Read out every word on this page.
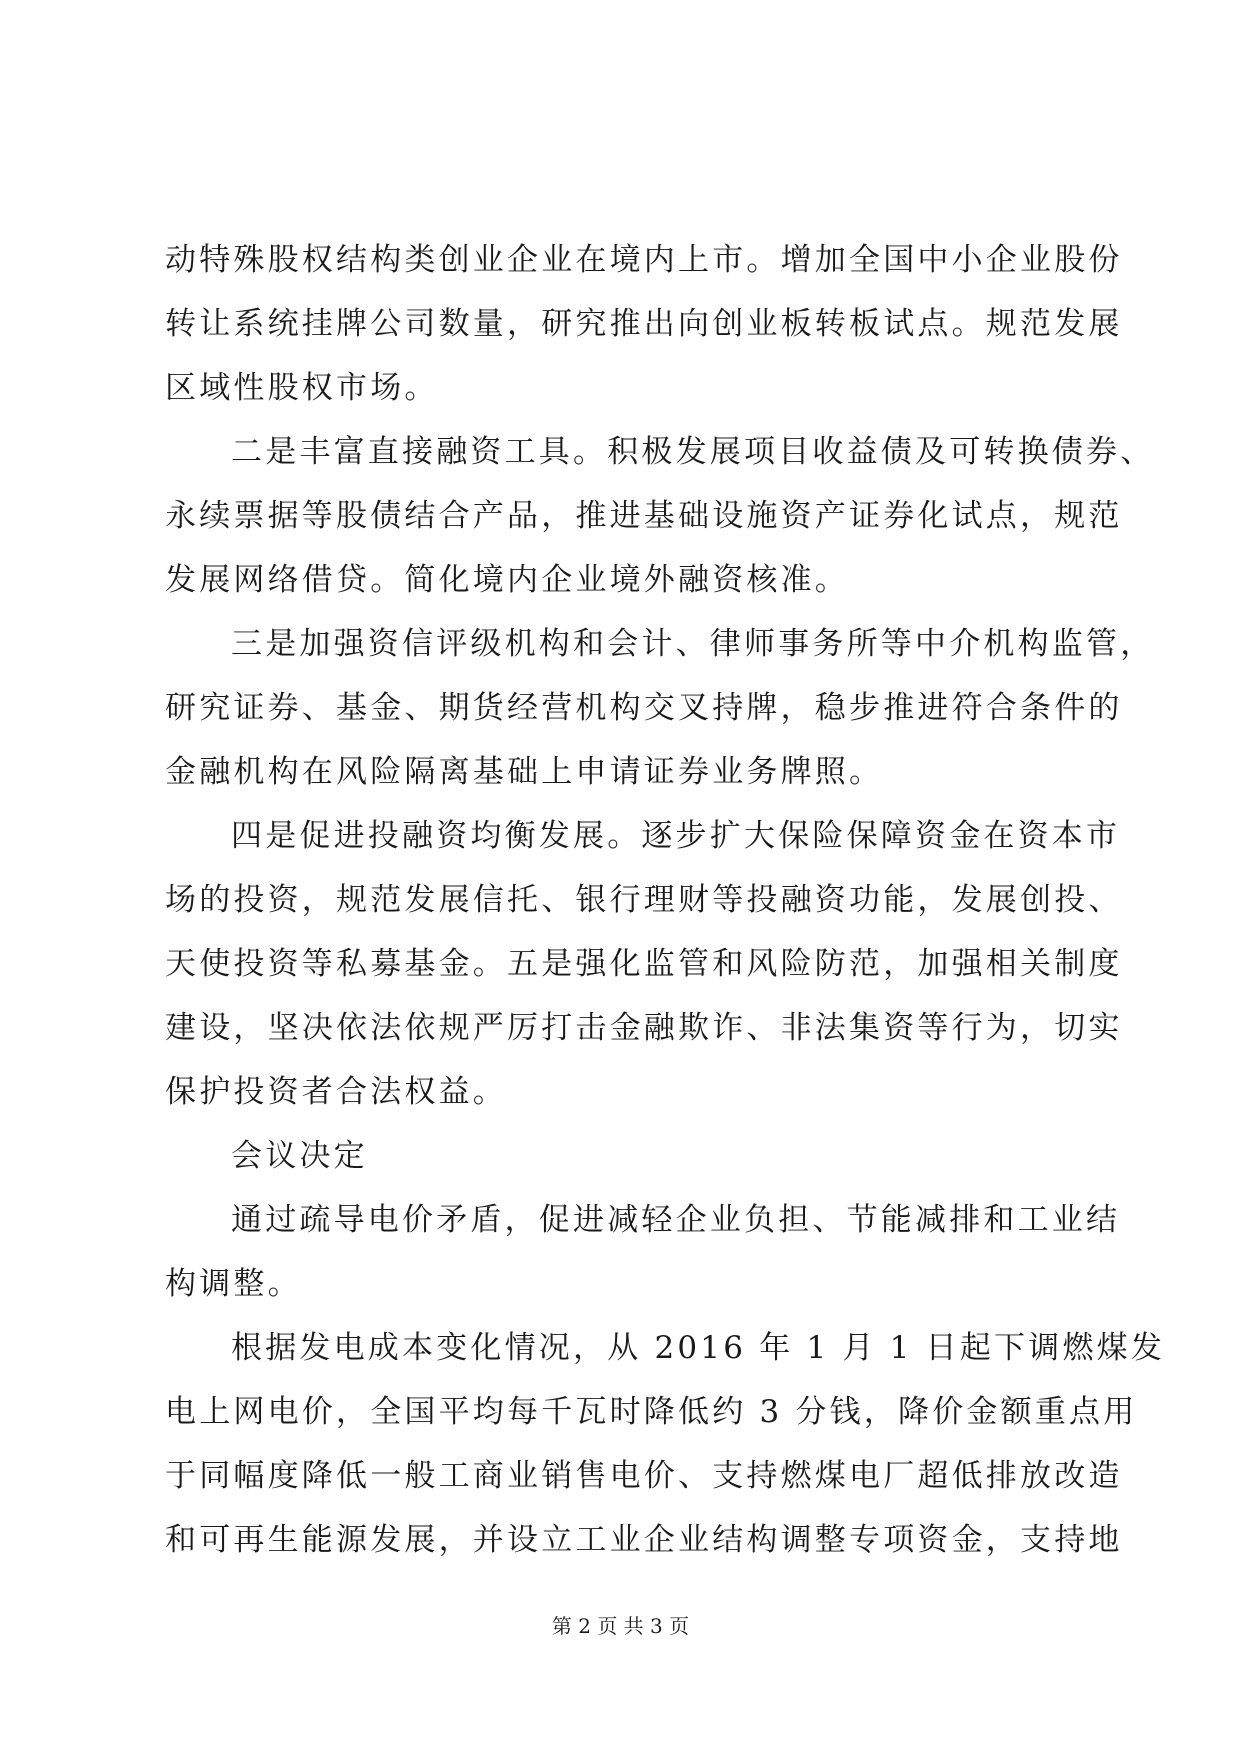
动特殊股权结构类创业企业在境内上市。增加全国中小企业股份
转让系统挂牌公司数量，研究推出向创业板转板试点。规范发展
区域性股权市场。
二是丰富直接融资工具。积极发展项目收益债及可转换债券、
永续票据等股债结合产品，推进基础设施资产证券化试点，规范
发展网络借贷。简化境内企业境外融资核准。
三是加强资信评级机构和会计、律师事务所等中介机构监管，
研究证券、基金、期货经营机构交叉持牌，稳步推进符合条件的
金融机构在风险隔离基础上申请证券业务牌照。
四是促进投融资均衡发展。逐步扩大保险保障资金在资本市
场的投资，规范发展信托、银行理财等投融资功能，发展创投、
天使投资等私募基金。五是强化监管和风险防范，加强相关制度
建设，坚决依法依规严厉打击金融欺诈、非法集资等行为，切实
保护投资者合法权益。
会议决定
通过疏导电价矛盾，促进减轻企业负担、节能减排和工业结
构调整。
根据发电成本变化情况，从 2016 年 1 月 1 日起下调燃煤发
电上网电价，全国平均每千瓦时降低约 3 分钱，降价金额重点用
于同幅度降低一般工商业销售电价、支持燃煤电厂超低排放改造
和可再生能源发展，并设立工业企业结构调整专项资金，支持地
第 2 页 共 3 页
